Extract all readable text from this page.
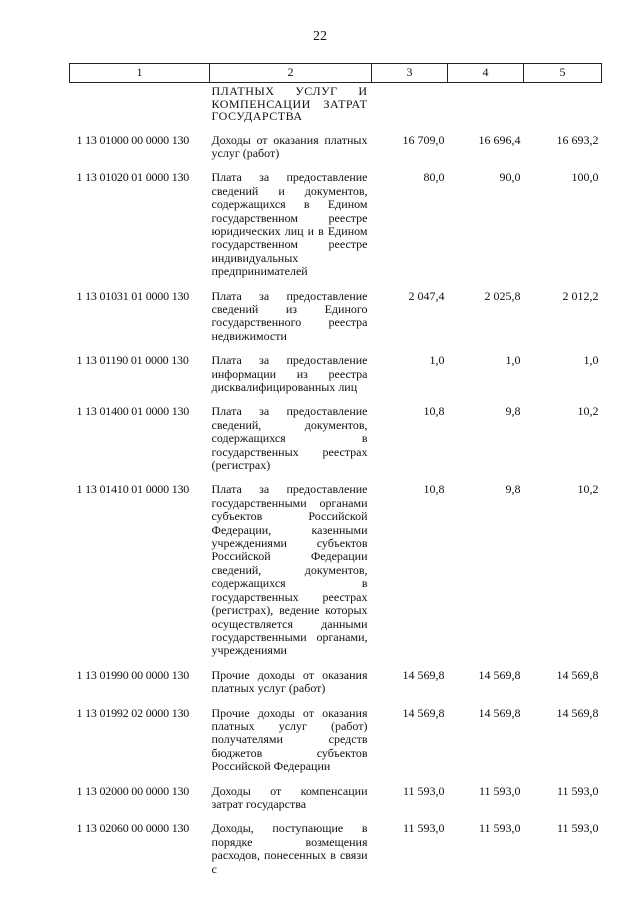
22
1	2	3	4	5
	ПЛАТНЫХ УСЛУГ И КОМПЕНСАЦИИ ЗАТРАТ ГОСУДАРСТВА			
1 13 01000 00 0000 130	Доходы от оказания платных услуг (работ)	16 709,0	16 696,4	16 693,2
1 13 01020 01 0000 130	Плата за предоставление сведений и документов, содержащихся в Едином государственном реестре юридических лиц и в Едином государственном реестре индивидуальных предпринимателей	80,0	90,0	100,0
1 13 01031 01 0000 130	Плата за предоставление сведений из Единого государственного реестра недвижимости	2 047,4	2 025,8	2 012,2
1 13 01190 01 0000 130	Плата за предоставление информации из реестра дисквалифицированных лиц	1,0	1,0	1,0
1 13 01400 01 0000 130	Плата за предоставление сведений, документов, содержащихся в государственных реестрах (регистрах)	10,8	9,8	10,2
1 13 01410 01 0000 130	Плата за предоставление государственными органами субъектов Российской Федерации, казенными учреждениями субъектов Российской Федерации сведений, документов, содержащихся в государственных реестрах (регистрах), ведение которых осуществляется данными государственными органами, учреждениями	10,8	9,8	10,2
1 13 01990 00 0000 130	Прочие доходы от оказания платных услуг (работ)	14 569,8	14 569,8	14 569,8
1 13 01992 02 0000 130	Прочие доходы от оказания платных услуг (работ) получателями средств бюджетов субъектов Российской Федерации	14 569,8	14 569,8	14 569,8
1 13 02000 00 0000 130	Доходы от компенсации затрат государства	11 593,0	11 593,0	11 593,0
1 13 02060 00 0000 130	Доходы, поступающие в порядке возмещения расходов, понесенных в связи с	11 593,0	11 593,0	11 593,0
